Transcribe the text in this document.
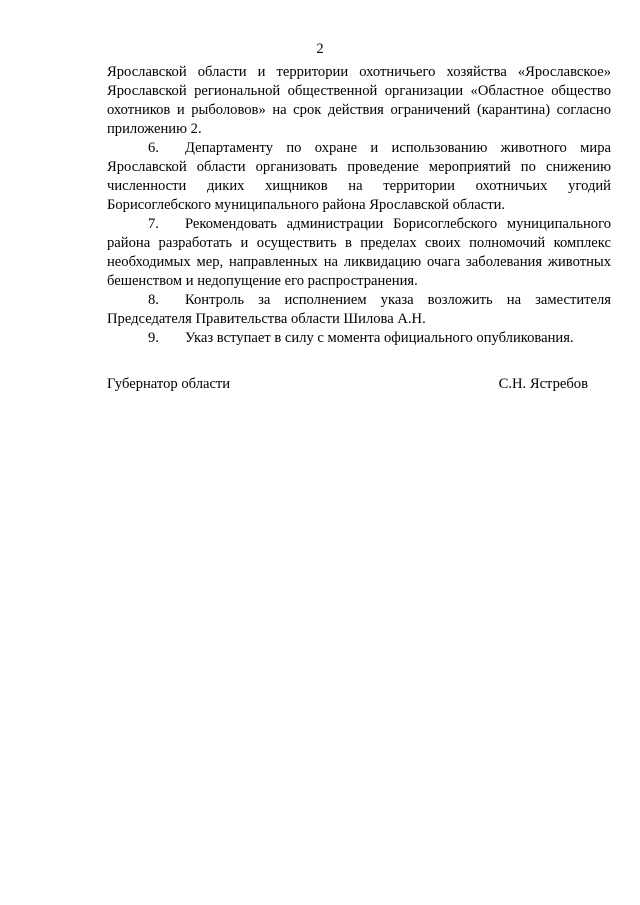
2

Ярославской области и территории охотничьего хозяйства «Ярославское» Ярославской региональной общественной организации «Областное общество охотников и рыболовов» на срок действия ограничений (карантина) согласно приложению 2.

6. Департаменту по охране и использованию животного мира Ярославской области организовать проведение мероприятий по снижению численности диких хищников на территории охотничьих угодий Борисоглебского муниципального района Ярославской области.

7. Рекомендовать администрации Борисоглебского муниципального района разработать и осуществить в пределах своих полномочий комплекс необходимых мер, направленных на ликвидацию очага заболевания животных бешенством и недопущение его распространения.

8. Контроль за исполнением указа возложить на заместителя Председателя Правительства области Шилова А.Н.

9. Указ вступает в силу с момента официального опубликования.

Губернатор области	С.Н. Ястребов
